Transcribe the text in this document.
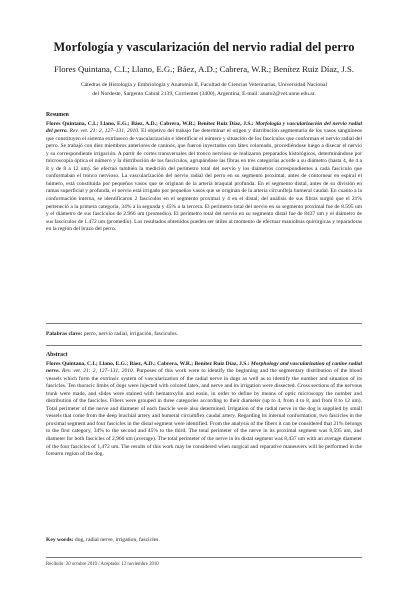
Morfología y vascularización del nervio radial del perro
Flores Quintana, C.I.; Llano, E.G.; Báez, A.D.; Cabrera, W.R.; Benítez Ruiz Díaz, J.S.
Cátedras de Histología y Embriología y Anatomía II, Facultad de Ciencias Veterinarias, Universidad Nacional
del Nordeste, Sargento Cabral 2139, Corrientes (3400), Argentina, E-mail: anato2@vet.unne.edu.ar.
Resumen
Flores Quintana, C.I.; Llano, E.G.; Báez, A.D.; Cabrera, W.R.; Benítez Ruiz Díaz, J.S.: Morfología y vascularización del nervio radial del perro. Rev. vet. 21: 2, 127–131, 2010. El objetivo del trabajo fue determinar el origen y distribución segmentaria de los vasos sanguíneos que constituyen el sistema extrínseco de vascularización e identificar el número y situación de los fascículos que conforman el nervio radial del perro. Se trabajó con diez miembros anteriores de caninos, que fueron inyectados con látex coloreado, procediéndose luego a disecar el nervio y su correspondiente irrigación. A partir de cortes transversales del tronco nervioso se realizaron preparados histológicos, determinándose por microscopía óptica el número y la distribución de los fascículos, agrupándose las fibras en tres categorías acorde a su diámetro (hasta 4, de 4 a 8 y de 8 a 12 um). Se efectuó también la medición del perímetro total del nervio y los diámetros correspondientes a cada fascículo que conformaban el tronco nervioso. La vascularización del nervio radial del perro en su segmento proximal, antes de contornear en espiral el húmero, está constituida por pequeños vasos que se originan de la arteria braquial profunda. En el segmento distal, antes de su división en ramas superficial y profunda, el nervio está irrigado por pequeños vasos que se originan de la arteria circunfleja humeral caudal. En cuanto a la conformación interna, se identificaron 2 fascículos en el segmento proximal y 4 en el distal; del análisis de sus fibras surgió que el 21% perteneció a la primera categoría, 34% a la segunda y 45% a la tercera. El perímetro total del nervio en su segmento proximal fue de 8.595 um y el diámetro de sus fascículos de 2.966 um (promedio). El perímetro total del nervio en su segmento distal fue de 8437 um y el diámetro de sus fascículos de 1.472 um (promedio). Los resultados obtenidos pueden ser útiles al momento de efectuar maniobras quirúrgicas y reparadoras en la región del brazo del perro.
Palabras clave: perro, nervio radial, irrigación, fascículos.
Abstract
Flores Quintana, C.I.; Llano, E.G.; Báez, A.D.; Cabrera, W.R.; Benítez Ruiz Díaz, J.S.: Morphology and vascularization of canine radial nerve. Rev. vet. 21: 2, 127–131, 2010. Purposes of this work were to identify the beginning and the segmentary distribution of the blood vessels which form the extrinsic system of vascularization of the radial nerve in dogs as well as to identify the number and situation of its fascicles. Ten thoracic limbs of dogs were injected with colored latex, and nerve and its irrigation were dissected. Cross sections of the nervous trunk were made, and slides were stained with hematoxylin and eosin, in order to define by means of optic microscopy the number and distribution of the fascicles. Fibers were grouped in three categories according to their diameter (up to 4, from 4 to 8, and from 8 to 12 um). Total perimeter of the nerve and diameter of each fascicle were also determined. Irrigation of the radial nerve in the dog is supplied by small vessels that come from the deep brachial artery and humeral circumflex caudal artery. Regarding its internal conformation, two fascicles in the proximal segment and four fascicles in the distal segment were identified. From the analysis of the fibers it can be considered that 21% belongs to the first category, 34% to the second and 45% to the third. The total perimeter of the nerve in its proximal segment was 8,595 um, and diameter for both fascicles of 2,966 um (average). The total perimeter of the nerve in its distal segment was 8,437 um with an average diameter of the four fascicles of 1,472 um. The results of this work may be considered when surgical and reparative maneuvers will be performed in the forearm region of the dog.
Key words: dog, radial nerve, irrigation, fascicles.
Recibido: 20 octubre 2010 / Aceptado: 12 noviembre 2010
